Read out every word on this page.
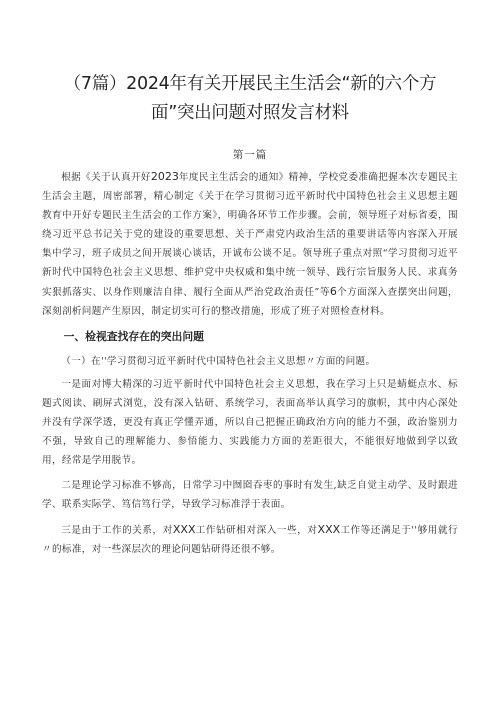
（7篇）2024年有关开展民主生活会“新的六个方
面”突出问题对照发言材料
第一篇

根据《关于认真开好2023年度民主生活会的通知》精神，学校党委准确把握本次专题民主生活会主题，周密部署，精心制定《关于在学习贯彻习近平新时代中国特色社会主义思想主题教育中开好专题民主生活会的工作方案》，明确各环节工作步骤。会前，领导班子对标省委，围绕习近平总书记关于党的建设的重要思想、关于严肃党内政治生活的重要讲话等内容深入开展集中学习，班子成员之间开展谈心谈话，开诚布公谈不足。领导班子重点对照“学习贯彻习近平新时代中国特色社会主义思想、维护党中央权威和集中统一领导、践行宗旨服务人民、求真务实狠抓落实、以身作则廉洁自律、履行全面从严治党政治责任”等6个方面深入查摆突出问题，深刻剖析问题产生原因，制定切实可行的整改措施，形成了班子对照检查材料。

一、检视查找存在的突出问题

（一）在''学习贯彻习近平新时代中国特色社会主义思想〃方面的问题。

一是面对博大精深的习近平新时代中国特色社会主义思想，我在学习上只是蜻蜓点水、标题式阅读、刷屏式浏览，没有深入钻研、系统学习，表面高举认真学习的旗帜，其中内心深处并没有学深学透，更没有真正学懂弄通，所以自己把握正确政治方向的能力不强，政治鉴别力不强，导致自己的理解能力、参悟能力、实践能力方面的差距很大，不能很好地做到学以致用，经常是学用脱节。

二是理论学习标准不够高，日常学习中囫囵吞枣的事时有发生,缺乏自觉主动学、及时跟进学、联系实际学、笃信笃行学，导致学习标准浮于表面。

三是由于工作的关系，对XXX工作钻研相对深入一些，对XXX工作等还满足于''够用就行〃的标准，对一些深层次的理论问题钻研得还很不够。
